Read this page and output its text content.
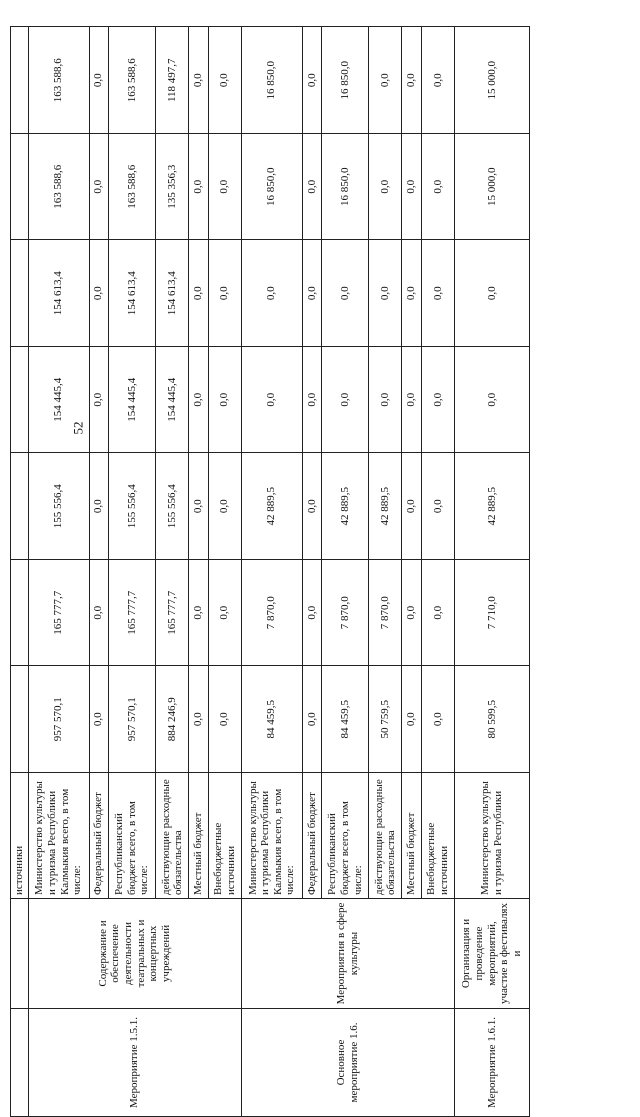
52
		источники							
Мероприятие 1.5.1.	Содержание и обеспечение деятельности театральных и концертных учреждений	Министерство культуры и туризма Республики Калмыкия всего, в том числе:	957 570,1	165 777,7	155 556,4	154 445,4	154 613,4	163 588,6	163 588,6
		Федеральный бюджет	0,0	0,0	0,0	0,0	0,0	0,0	0,0
		Республиканский бюджет всего, в том числе:	957 570,1	165 777,7	155 556,4	154 445,4	154 613,4	163 588,6	163 588,6
		действующие расходные обязательства	884 246,9	165 777,7	155 556,4	154 445,4	154 613,4	135 356,3	118 497,7
		Местный бюджет	0,0	0,0	0,0	0,0	0,0	0,0	0,0
		Внебюджетные источники	0,0	0,0	0,0	0,0	0,0	0,0	0,0
Основное мероприятие 1.6.	Мероприятия в сфере культуры	Министерство культуры и туризма Республики Калмыкия всего, в том числе:	84 459,5	7 870,0	42 889,5	0,0	0,0	16 850,0	16 850,0
		Федеральный бюджет	0,0	0,0	0,0	0,0	0,0	0,0	0,0
		Республиканский бюджет всего, в том числе:	84 459,5	7 870,0	42 889,5	0,0	0,0	16 850,0	16 850,0
		действующие расходные обязательства	50 759,5	7 870,0	42 889,5	0,0	0,0	0,0	0,0
		Местный бюджет	0,0	0,0	0,0	0,0	0,0	0,0	0,0
		Внебюджетные источники	0,0	0,0	0,0	0,0	0,0	0,0	0,0
Мероприятие 1.6.1.	Организация и проведение мероприятий, участие в фестивалях и	Министерство культуры и туризма Республики	80 599,5	7 710,0	42 889,5	0,0	0,0	15 000,0	15 000,0
